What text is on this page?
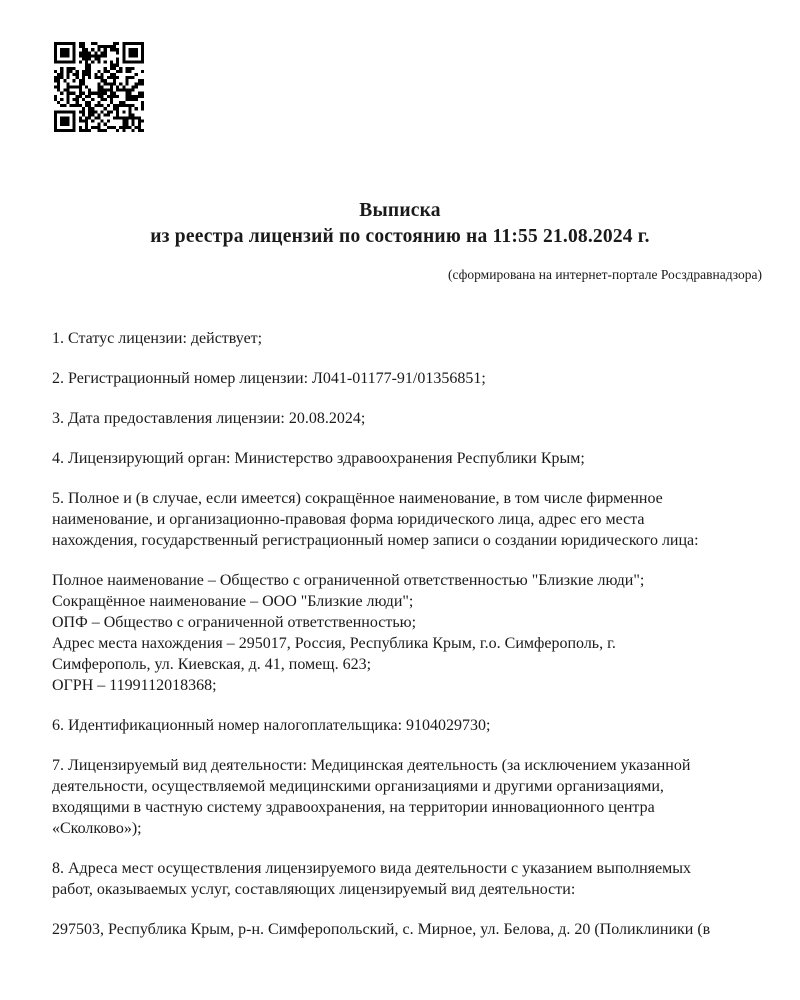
Выписка
из реестра лицензий по состоянию на 11:55 21.08.2024 г.
(сформирована на интернет-портале Росздравнадзора)
1. Статус лицензии: действует;
2. Регистрационный номер лицензии: Л041-01177-91/01356851;
3. Дата предоставления лицензии: 20.08.2024;
4. Лицензирующий орган: Министерство здравоохранения Республики Крым;
5. Полное и (в случае, если имеется) сокращённое наименование, в том числе фирменное
наименование, и организационно-правовая форма юридического лица, адрес его места
нахождения, государственный регистрационный номер записи о создании юридического лица:
Полное наименование – Общество с ограниченной ответственностью "Близкие люди";
Сокращённое наименование – ООО "Близкие люди";
ОПФ – Общество с ограниченной ответственностью;
Адрес места нахождения – 295017, Россия, Республика Крым, г.о. Симферополь, г.
Симферополь, ул. Киевская, д. 41, помещ. 623;
ОГРН – 1199112018368;
6. Идентификационный номер налогоплательщика: 9104029730;
7. Лицензируемый вид деятельности: Медицинская деятельность (за исключением указанной
деятельности, осуществляемой медицинскими организациями и другими организациями,
входящими в частную систему здравоохранения, на территории инновационного центра
«Сколково»);
8. Адреса мест осуществления лицензируемого вида деятельности с указанием выполняемых
работ, оказываемых услуг, составляющих лицензируемый вид деятельности:
297503, Республика Крым, р-н. Симферопольский, с. Мирное, ул. Белова, д. 20 (Поликлиники (в
